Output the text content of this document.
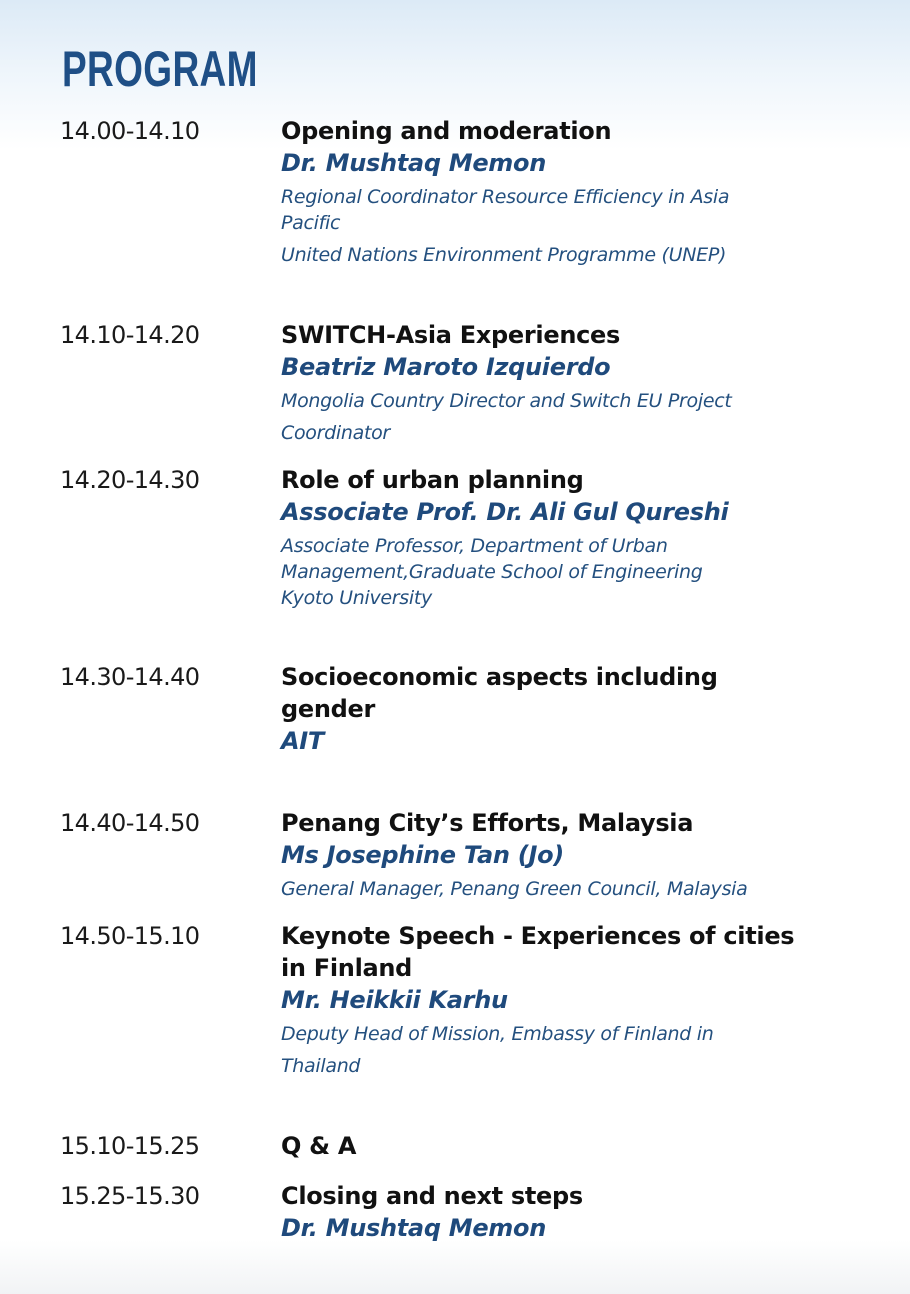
PROGRAM
14.00-14.10	Opening and moderation
Dr. Mushtaq Memon
Regional Coordinator Resource Efficiency in Asia Pacific
United Nations Environment Programme (UNEP)
14.10-14.20	SWITCH-Asia Experiences
Beatriz Maroto Izquierdo
Mongolia Country Director and Switch EU Project Coordinator
14.20-14.30	Role of urban planning
Associate Prof. Dr. Ali Gul Qureshi
Associate Professor, Department of Urban Management,Graduate School of Engineering Kyoto University
14.30-14.40	Socioeconomic aspects including gender
AIT
14.40-14.50	Penang City’s Efforts, Malaysia
Ms Josephine Tan (Jo)
General Manager, Penang Green Council, Malaysia
14.50-15.10	Keynote Speech - Experiences of cities in Finland
Mr. Heikkii Karhu
Deputy Head of Mission, Embassy of Finland in Thailand
15.10-15.25	Q & A
15.25-15.30	Closing and next steps
Dr. Mushtaq Memon
